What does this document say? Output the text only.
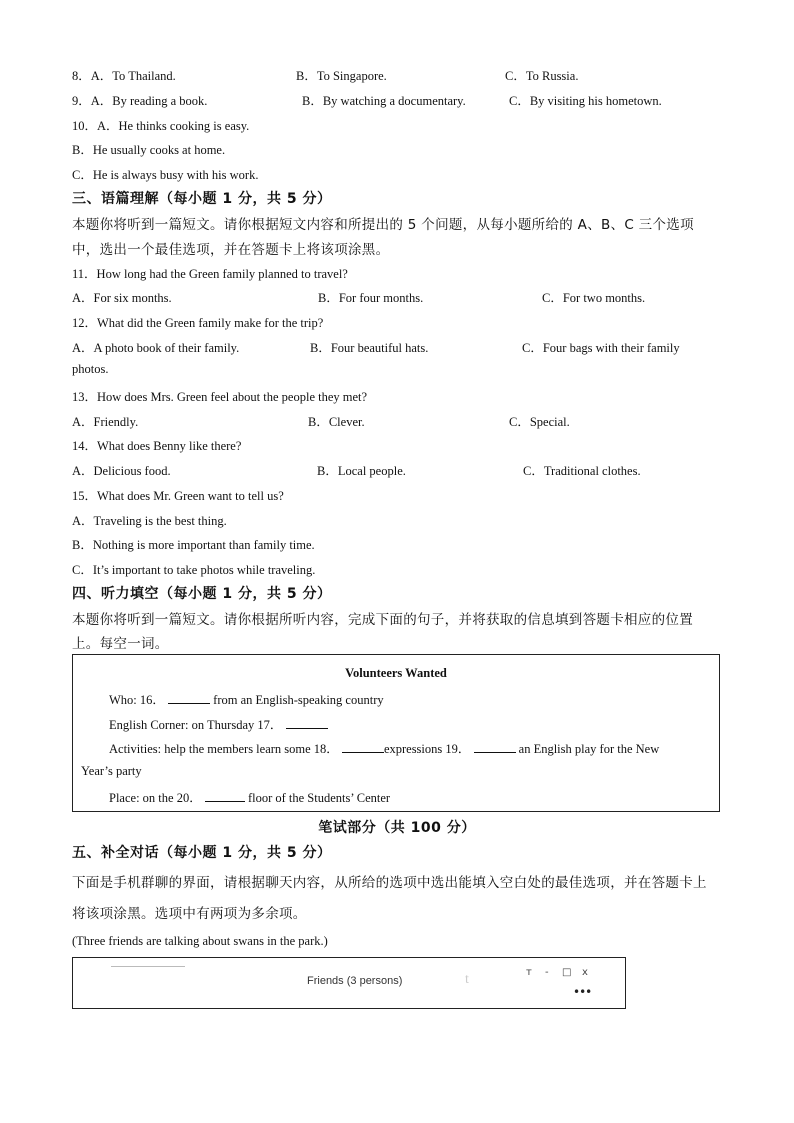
8．A．To Thailand.	B．To Singapore.	C．To Russia.
9．A．By reading a book.	B．By watching a documentary.	C．By visiting his hometown.
10．A．He thinks cooking is easy.
B．He usually cooks at home.
C．He is always busy with his work.
三、语篇理解（每小题 1 分，共 5 分）
本题你将听到一篇短文。请你根据短文内容和所提出的 5 个问题，从每小题所给的 A、B、C 三个选项
中，选出一个最佳选项，并在答题卡上将该项涂黑。
11．How long had the Green family planned to travel?
A．For six months.	B．For four months.	C．For two months.
12．What did the Green family make for the trip?
A．A photo book of their family.	B．Four beautiful hats.	C．Four bags with their family
photos.
13．How does Mrs. Green feel about the people they met?
A．Friendly.	B．Clever.	C．Special.
14．What does Benny like there?
A．Delicious food.	B．Local people.	C．Traditional clothes.
15．What does Mr. Green want to tell us?
A．Traveling is the best thing.
B．Nothing is more important than family time.
C．It’s important to take photos while traveling.
四、听力填空（每小题 1 分，共 5 分）
本题你将听到一篇短文。请你根据所听内容，完成下面的句子，并将获取的信息填到答题卡相应的位置
上。每空一词。
Volunteers Wanted
Who: 16．	from an English-speaking country
English Corner: on Thursday 17．
Activities: help the members learn some 18．	expressions 19．	an English play for the New
Year’s party
Place: on the 20．	floor of the Students’ Center
笔试部分（共 100 分）
五、补全对话（每小题 1 分，共 5 分）
下面是手机群聊的界面，请根据聊天内容，从所给的选项中选出能填入空白处的最佳选项，并在答题卡上
将该项涂黑。选项中有两项为多余项。
(Three friends are talking about swans in the park.)
Friends (3 persons)	t	ᴛ - □ x
•••
